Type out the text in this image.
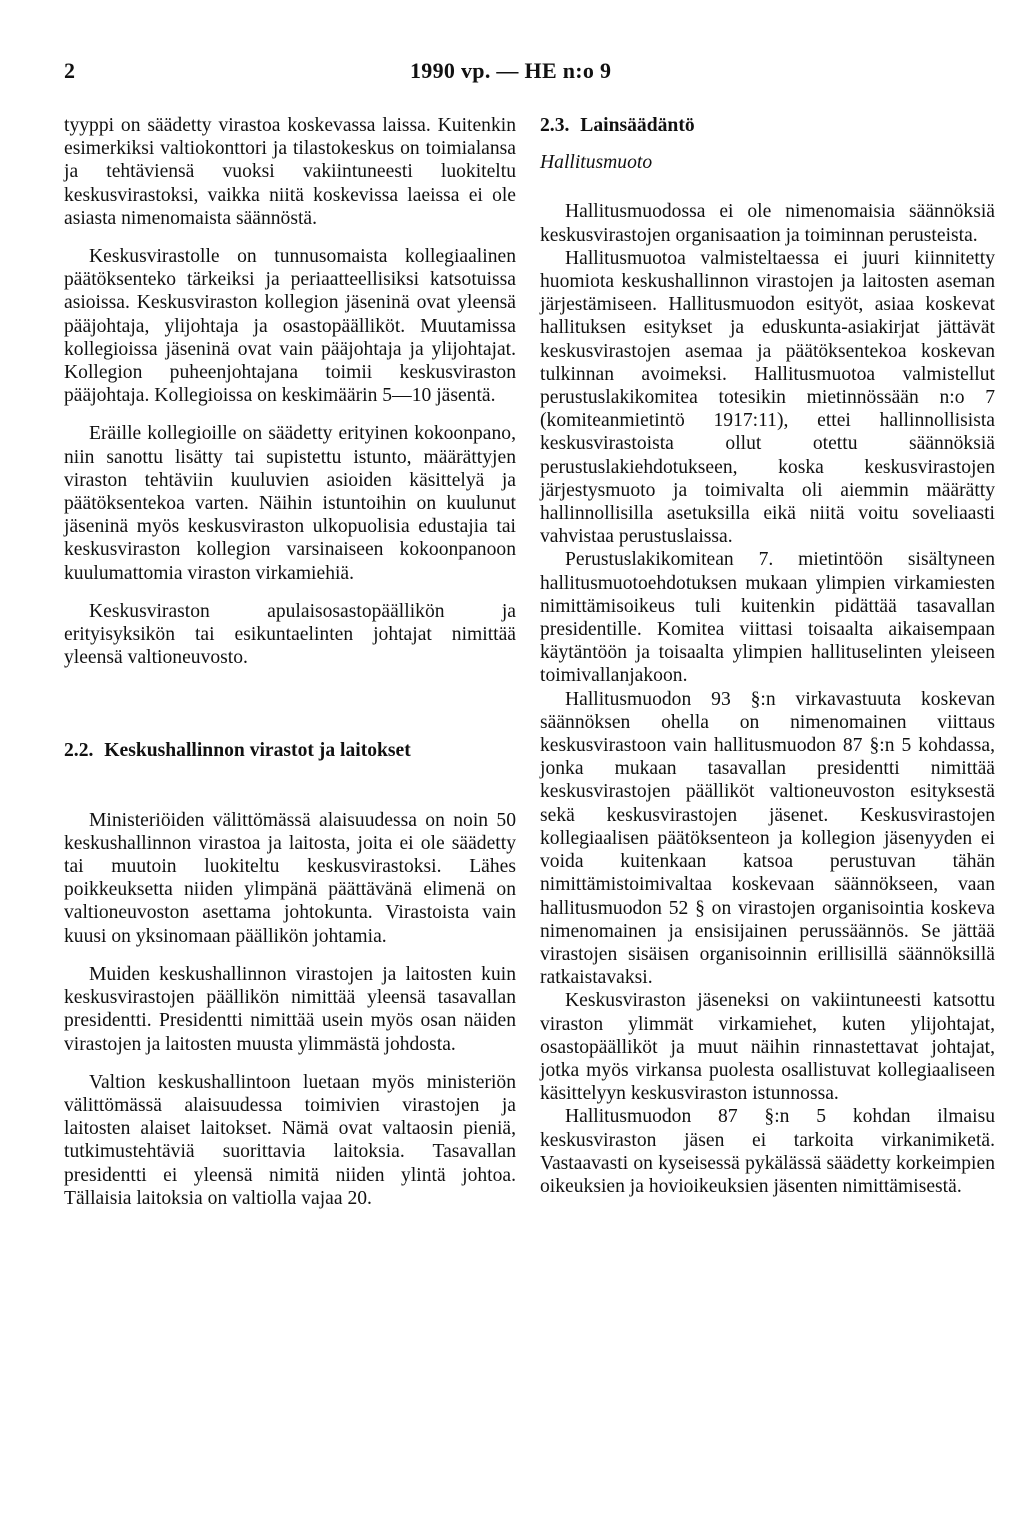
2	1990 vp. — HE n:o 9

tyyppi on säädetty virastoa koskevassa laissa. Kuitenkin esimerkiksi valtiokonttori ja tilastokeskus on toimialansa ja tehtäviensä vuoksi vakiintuneesti luokiteltu keskusvirastoksi, vaikka niitä koskevissa laeissa ei ole asiasta nimenomaista säännöstä.

Keskusvirastolle on tunnusomaista kollegiaalinen päätöksenteko tärkeiksi ja periaatteellisiksi katsotuissa asioissa. Keskusviraston kollegion jäseninä ovat yleensä pääjohtaja, ylijohtaja ja osastopäälliköt. Muutamissa kollegioissa jäseninä ovat vain pääjohtaja ja ylijohtajat. Kollegion puheenjohtajana toimii keskusviraston pääjohtaja. Kollegioissa on keskimäärin 5—10 jäsentä.

Eräille kollegioille on säädetty erityinen kokoonpano, niin sanottu lisätty tai supistettu istunto, määrättyjen viraston tehtäviin kuuluvien asioiden käsittelyä ja päätöksentekoa varten. Näihin istuntoihin on kuulunut jäseninä myös keskusviraston ulkopuolisia edustajia tai keskusviraston kollegion varsinaiseen kokoonpanoon kuulumattomia viraston virkamiehiä.

Keskusviraston apulaisosastopäällikön ja erityisyksikön tai esikuntaelinten johtajat nimittää yleensä valtioneuvosto.

2.2. Keskushallinnon virastot ja laitokset

Ministeriöiden välittömässä alaisuudessa on noin 50 keskushallinnon virastoa ja laitosta, joita ei ole säädetty tai muutoin luokiteltu keskusvirastoksi. Lähes poikkeuksetta niiden ylimpänä päättävänä elimenä on valtioneuvoston asettama johtokunta. Virastoista vain kuusi on yksinomaan päällikön johtamia.

Muiden keskushallinnon virastojen ja laitosten kuin keskusvirastojen päällikön nimittää yleensä tasavallan presidentti. Presidentti nimittää usein myös osan näiden virastojen ja laitosten muusta ylimmästä johdosta.

Valtion keskushallintoon luetaan myös ministeriön välittömässä alaisuudessa toimivien virastojen ja laitosten alaiset laitokset. Nämä ovat valtaosin pieniä, tutkimustehtäviä suorittavia laitoksia. Tasavallan presidentti ei yleensä nimitä niiden ylintä johtoa. Tällaisia laitoksia on valtiolla vajaa 20.

2.3. Lainsäädäntö
Hallitusmuoto

Hallitusmuodossa ei ole nimenomaisia säännöksiä keskusvirastojen organisaation ja toiminnan perusteista.

Hallitusmuotoa valmisteltaessa ei juuri kiinnitetty huomiota keskushallinnon virastojen ja laitosten aseman järjestämiseen. Hallitusmuodon esityöt, asiaa koskevat hallituksen esitykset ja eduskunta-asiakirjat jättävät keskusvirastojen asemaa ja päätöksentekoa koskevan tulkinnan avoimeksi. Hallitusmuotoa valmistellut perustuslakikomitea totesikin mietinnössään n:o 7 (komiteanmietintö 1917:11), ettei hallinnollisista keskusvirastoista ollut otettu säännöksiä perustuslakiehdotukseen, koska keskusvirastojen järjestysmuoto ja toimivalta oli aiemmin määrätty hallinnollisilla asetuksilla eikä niitä voitu soveliaasti vahvistaa perustuslaissa.

Perustuslakikomitean 7. mietintöön sisältyneen hallitusmuotoehdotuksen mukaan ylimpien virkamiesten nimittämisoikeus tuli kuitenkin pidättää tasavallan presidentille. Komitea viittasi toisaalta aikaisempaan käytäntöön ja toisaalta ylimpien hallituselinten yleiseen toimivallanjakoon.

Hallitusmuodon 93 §:n virkavastuuta koskevan säännöksen ohella on nimenomainen viittaus keskusvirastoon vain hallitusmuodon 87 §:n 5 kohdassa, jonka mukaan tasavallan presidentti nimittää keskusvirastojen päälliköt valtioneuvoston esityksestä sekä keskusvirastojen jäsenet. Keskusvirastojen kollegiaalisen päätöksenteon ja kollegion jäsenyyden ei voida kuitenkaan katsoa perustuvan tähän nimittämistoimivaltaa koskevaan säännökseen, vaan hallitusmuodon 52 § on virastojen organisointia koskeva nimenomainen ja ensisijainen perussäännös. Se jättää virastojen sisäisen organisoinnin erillisillä säännöksillä ratkaistavaksi.

Keskusviraston jäseneksi on vakiintuneesti katsottu viraston ylimmät virkamiehet, kuten ylijohtajat, osastopäälliköt ja muut näihin rinnastettavat johtajat, jotka myös virkansa puolesta osallistuvat kollegiaaliseen käsittelyyn keskusviraston istunnossa.

Hallitusmuodon 87 §:n 5 kohdan ilmaisu keskusviraston jäsen ei tarkoita virkanimiketä. Vastaavasti on kyseisessä pykälässä säädetty korkeimpien oikeuksien ja hovioikeuksien jäsenten nimittämisestä.
